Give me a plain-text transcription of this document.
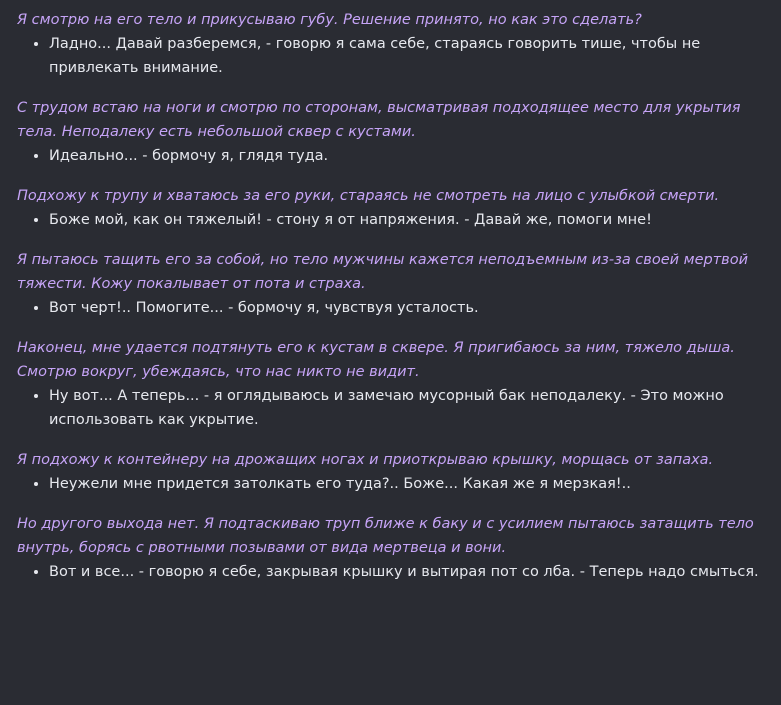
Я смотрю на его тело и прикусываю губу. Решение принято, но как это сделать?

• Ладно... Давай разберемся, - говорю я сама себе, стараясь говорить тише, чтобы не привлекать внимание.

С трудом встаю на ноги и смотрю по сторонам, высматривая подходящее место для укрытия тела. Неподалеку есть небольшой сквер с кустами.

• Идеально... - бормочу я, глядя туда.

Подхожу к трупу и хватаюсь за его руки, стараясь не смотреть на лицо с улыбкой смерти.

• Боже мой, как он тяжелый! - стону я от напряжения. - Давай же, помоги мне!

Я пытаюсь тащить его за собой, но тело мужчины кажется неподъемным из-за своей мертвой тяжести. Кожу покалывает от пота и страха.

• Вот черт!.. Помогите... - бормочу я, чувствуя усталость.

Наконец, мне удается подтянуть его к кустам в сквере. Я пригибаюсь за ним, тяжело дыша. Смотрю вокруг, убеждаясь, что нас никто не видит.

• Ну вот... А теперь... - я оглядываюсь и замечаю мусорный бак неподалеку. - Это можно использовать как укрытие.

Я подхожу к контейнеру на дрожащих ногах и приоткрываю крышку, морщась от запаха.

• Неужели мне придется затолкать его туда?.. Боже... Какая же я мерзкая!..

Но другого выхода нет. Я подтаскиваю труп ближе к баку и с усилием пытаюсь затащить тело внутрь, борясь с рвотными позывами от вида мертвеца и вони.

• Вот и все... - говорю я себе, закрывая крышку и вытирая пот со лба. - Теперь надо смыться.
